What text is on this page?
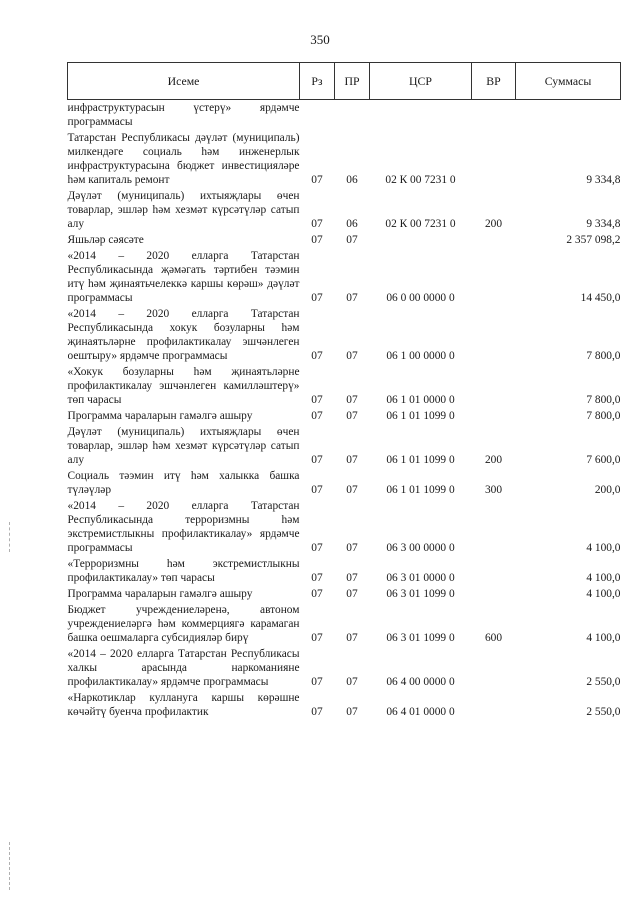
350
Исеме	Рз	ПР	ЦСР	ВР	Суммасы
инфраструктурасын үстерү» ярдәмче программасы					
Татарстан Республикасы дәүләт (муниципаль) милкендәге социаль һәм инженерлык инфраструктурасына бюджет инвестицияләре һәм капиталь ремонт	07	06	02 К 00 7231 0		9 334,8
Дәүләт (муниципаль) ихтыяҗлары өчен товарлар, эшләр һәм хезмәт күрсәтүләр сатып алу	07	06	02 К 00 7231 0	200	9 334,8
Яшьләр сәясәте	07	07			2 357 098,2
«2014 – 2020 елларга Татарстан Республикасында җәмәгать тәртибен тәэмин итү һәм җинаятьчелеккә каршы көрәш» дәүләт программасы	07	07	06 0 00 0000 0		14 450,0
«2014 – 2020 елларга Татарстан Республикасында хокук бозуларны һәм җинаятьләрне профилактикалау эшчәнлеген оештыру» ярдәмче программасы	07	07	06 1 00 0000 0		7 800,0
«Хокук бозуларны һәм җинаятьләрне профилактикалау эшчәнлеген камилләштерү» төп чарасы	07	07	06 1 01 0000 0		7 800,0
Программа чараларын гамәлгә ашыру	07	07	06 1 01 1099 0		7 800,0
Дәүләт (муниципаль) ихтыяҗлары өчен товарлар, эшләр һәм хезмәт күрсәтүләр сатып алу	07	07	06 1 01 1099 0	200	7 600,0
Социаль тәэмин итү һәм халыкка башка түләүләр	07	07	06 1 01 1099 0	300	200,0
«2014 – 2020 елларга Татарстан Республикасында терроризмны һәм экстремистлыкны профилактикалау» ярдәмче программасы	07	07	06 3 00 0000 0		4 100,0
«Терроризмны һәм экстремистлыкны профилактикалау» төп чарасы	07	07	06 3 01 0000 0		4 100,0
Программа чараларын гамәлгә ашыру	07	07	06 3 01 1099 0		4 100,0
Бюджет учреждениеләренә, автоном учреждениеләргә һәм коммерциягә карамаган башка оешмаларга субсидияләр бирү	07	07	06 3 01 1099 0	600	4 100,0
«2014 – 2020 елларга Татарстан Республикасы халкы арасында наркоманияне профилактикалау» ярдәмче программасы	07	07	06 4 00 0000 0		2 550,0
«Наркотиклар куллануга каршы көрәшне көчәйтү буенча профилактик	07	07	06 4 01 0000 0		2 550,0
